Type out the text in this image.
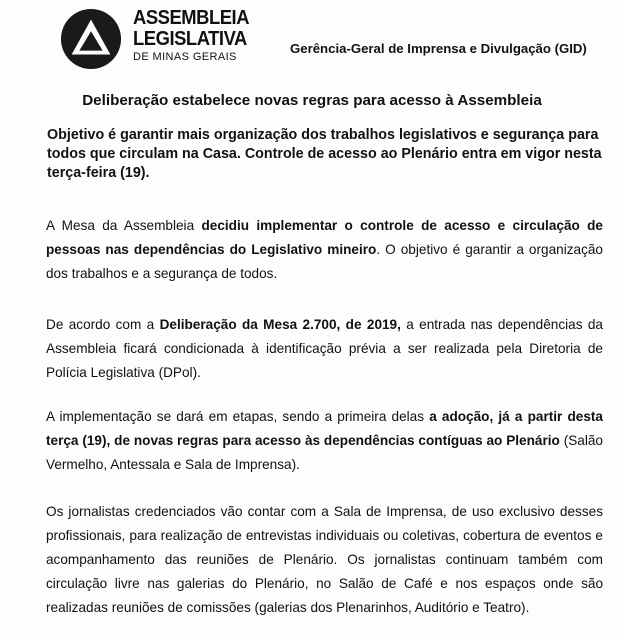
ASSEMBLEIA
LEGISLATIVA
DE MINAS GERAIS
Gerência-Geral de Imprensa e Divulgação (GID)
Deliberação estabelece novas regras para acesso à Assembleia
Objetivo é garantir mais organização dos trabalhos legislativos e segurança para todos que circulam na Casa. Controle de acesso ao Plenário entra em vigor nesta terça-feira (19).
A Mesa da Assembleia decidiu implementar o controle de acesso e circulação de pessoas nas dependências do Legislativo mineiro. O objetivo é garantir a organização dos trabalhos e a segurança de todos.
De acordo com a Deliberação da Mesa 2.700, de 2019, a entrada nas dependências da Assembleia ficará condicionada à identificação prévia a ser realizada pela Diretoria de Polícia Legislativa (DPol).
A implementação se dará em etapas, sendo a primeira delas a adoção, já a partir desta terça (19), de novas regras para acesso às dependências contíguas ao Plenário (Salão Vermelho, Antessala e Sala de Imprensa).
Os jornalistas credenciados vão contar com a Sala de Imprensa, de uso exclusivo desses profissionais, para realização de entrevistas individuais ou coletivas, cobertura de eventos e acompanhamento das reuniões de Plenário. Os jornalistas continuam também com circulação livre nas galerias do Plenário, no Salão de Café e nos espaços onde são realizadas reuniões de comissões (galerias dos Plenarinhos, Auditório e Teatro).
